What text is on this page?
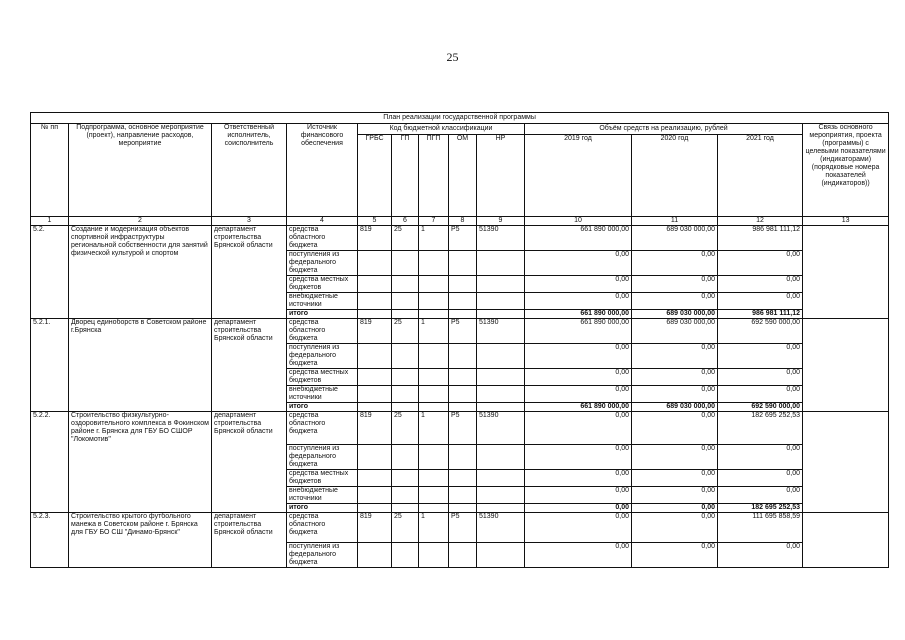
25
План реализации государственной программы												
№ пп	Подпрограмма, основное мероприятие (проект), направление расходов, мероприятие	Ответственный исполнитель, соисполнитель	Источник финансового обеспечения	Код бюджетной классификации					Объём средств на реализацию, рублей			Связь основного мероприятия, проекта (программы) с целевыми показателями (индикаторами) (порядковые номера показателей (индикаторов))
				ГРБС	ГП	ПГП	ОМ	НР	2019 год	2020 год	2021 год	
1	2	3	4	5	6	7	8	9	10	11	12	13
5.2.	Создание и модернизация объектов спортивной инфраструктуры региональной собственности для занятий физической культурой и спортом	департамент строительства Брянской области	средства областного бюджета	819	25	1	P5	51390	661 890 000,00	689 030 000,00	986 981 111,12	
			поступления из федерального бюджета						0,00	0,00	0,00	
			средства местных бюджетов						0,00	0,00	0,00	
			внебюджетные источники						0,00	0,00	0,00	
			итого						661 890 000,00	689 030 000,00	986 981 111,12	

5.2.1.	Дворец единоборств в Советском районе г.Брянска	департамент строительства Брянской области	средства областного бюджета	819	25	1	P5	51390	661 890 000,00	689 030 000,00	692 590 000,00	
			поступления из федерального бюджета						0,00	0,00	0,00	
			средства местных бюджетов						0,00	0,00	0,00	
			внебюджетные источники						0,00	0,00	0,00	
			итого						661 890 000,00	689 030 000,00	692 590 000,00	
5.2.2.	Строительство физкультурно-оздоровительного комплекса в Фокинском районе г. Брянска для ГБУ БО СШОР "Локомотив"	департамент строительства Брянской области	средства областного бюджета	819	25	1	P5	51390	0,00	0,00	182 695 252,53	
			поступления из федерального бюджета						0,00	0,00	0,00	
			средства местных бюджетов						0,00	0,00	0,00	
			внебюджетные источники						0,00	0,00	0,00	
			итого						0,00	0,00	182 695 252,53	
5.2.3.	Строительство крытого футбольного манежа в Советском районе г. Брянска для ГБУ БО СШ "Динамо-Брянск"	департамент строительства Брянской области	средства областного бюджета	819	25	1	P5	51390	0,00	0,00	111 695 858,59	
			поступления из федерального бюджета						0,00	0,00	0,00	
